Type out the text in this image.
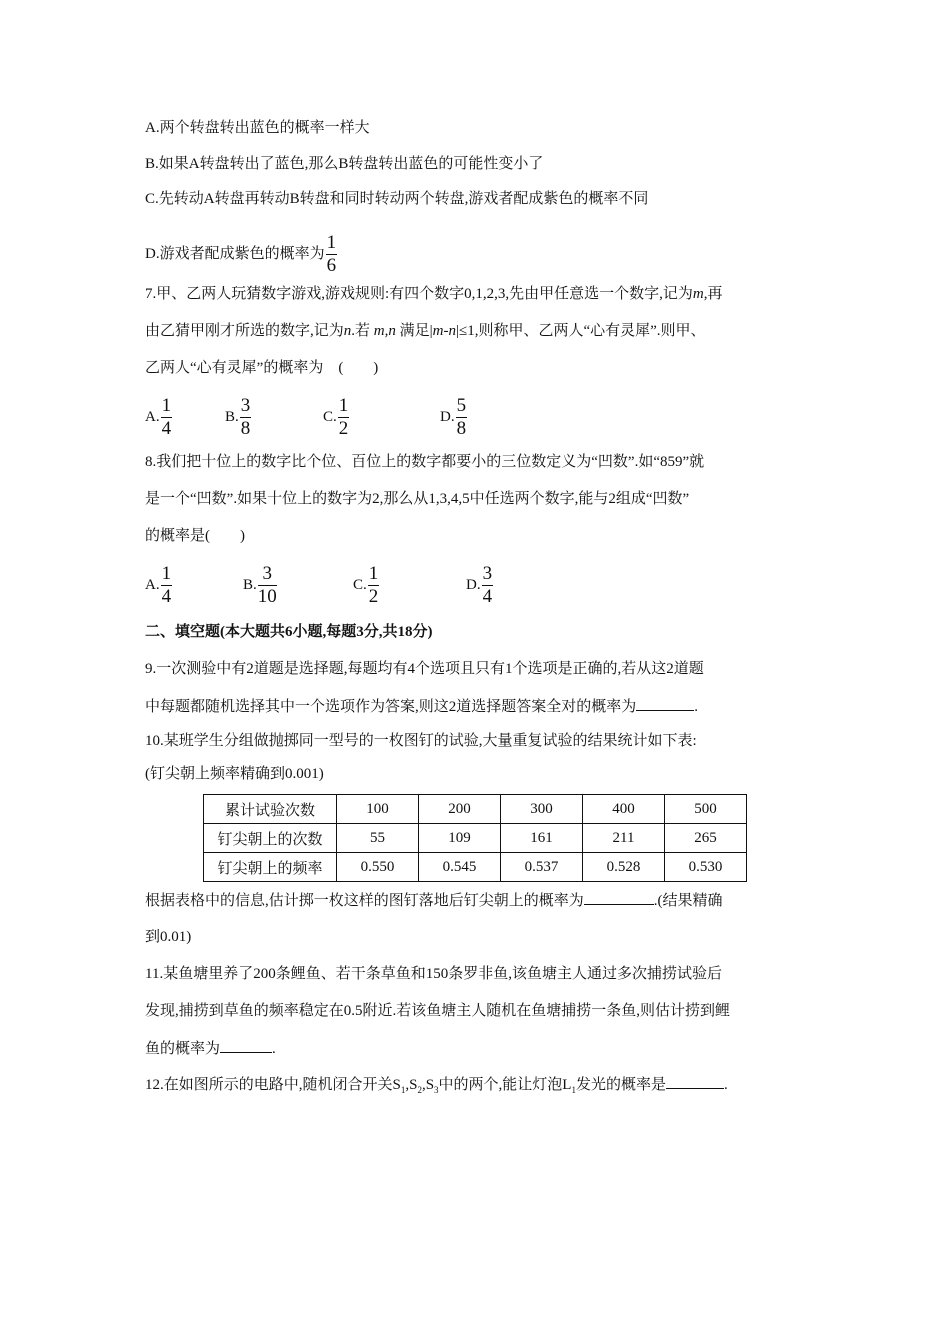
A.两个转盘转出蓝色的概率一样大
B.如果A转盘转出了蓝色,那么B转盘转出蓝色的可能性变小了
C.先转动A转盘再转动B转盘和同时转动两个转盘,游戏者配成紫色的概率不同
D.游戏者配成紫色的概率为 $\frac{1}{6}$
7.甲、乙两人玩猜数字游戏,游戏规则:有四个数字0,1,2,3,先由甲任意选一个数字,记为m,再
由乙猜甲刚才所选的数字,记为n.若 m,n 满足|m-n|≤1,则称甲、乙两人“心有灵犀”.则甲、
乙两人“心有灵犀”的概率为　(　　)
A. $\frac{1}{4}$	B. $\frac{3}{8}$	C. $\frac{1}{2}$	D. $\frac{5}{8}$
8.我们把十位上的数字比个位、百位上的数字都要小的三位数定义为“凹数”.如“859”就
是一个“凹数”.如果十位上的数字为2,那么从1,3,4,5中任选两个数字,能与2组成“凹数”
的概率是(　　)
A. $\frac{1}{4}$	B. $\frac{3}{10}$	C. $\frac{1}{2}$	D. $\frac{3}{4}$
二、填空题(本大题共6小题,每题3分,共18分)
9.一次测验中有2道题是选择题,每题均有4个选项且只有1个选项是正确的,若从这2道题
中每题都随机选择其中一个选项作为答案,则这2道选择题答案全对的概率为	.
10.某班学生分组做抛掷同一型号的一枚图钉的试验,大量重复试验的结果统计如下表:
(钉尖朝上频率精确到0.001)
累计试验次数	100	200	300	400	500
钉尖朝上的次数	55	109	161	211	265
钉尖朝上的频率	0.550	0.545	0.537	0.528	0.530
根据表格中的信息,估计掷一枚这样的图钉落地后钉尖朝上的概率为	.(结果精确
到0.01)
11.某鱼塘里养了200条鲤鱼、若干条草鱼和150条罗非鱼,该鱼塘主人通过多次捕捞试验后
发现,捕捞到草鱼的频率稳定在0.5附近.若该鱼塘主人随机在鱼塘捕捞一条鱼,则估计捞到鲤
鱼的概率为	.
12.在如图所示的电路中,随机闭合开关$S_1,S_2,S_3$中的两个,能让灯泡$L_1$发光的概率是	.
